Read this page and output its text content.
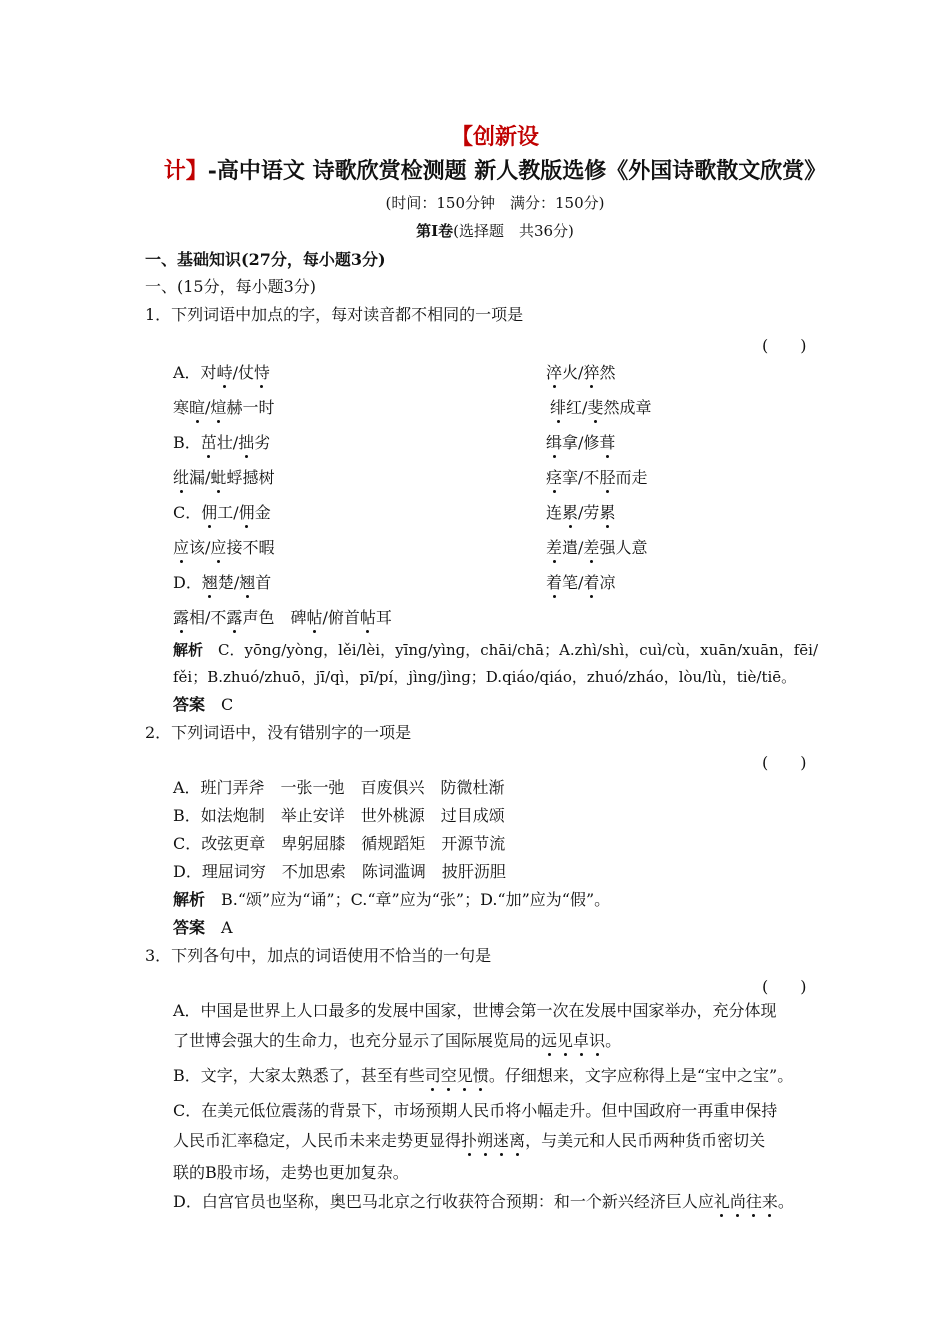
【创新设计】-高中语文 诗歌欣赏检测题 新人教版选修《外国诗歌散文欣赏》
(时间：150分钟　满分：150分)
第Ⅰ卷(选择题　共36分)
一、基础知识(27分，每小题3分)
一、(15分，每小题3分)
1．下列词语中加点的字，每对读音都不相同的一项是
(　　)
A．对峙/仗恃	淬火/猝然
寒暄/煊赫一时	绯红/斐然成章
B．茁壮/拙劣	缉拿/修葺
纰漏/蚍蜉撼树	痉挛/不胫而走
C．佣工/佣金	连累/劳累
应该/应接不暇	差遣/差强人意
D．翘楚/翘首	着笔/着凉
露相/不露声色　碑帖/俯首帖耳
解析　 C．yōnɡ/yònɡ，lěi/lèi，yīnɡ/yìnɡ，chāi/chā；A.zhì/shì，cuì/cù，xuān/xuān，fēi/
fěi；B.zhuó/zhuō，jī/qì，pī/pí，jìnɡ/jìnɡ；D.qiáo/qiáo，zhuó/zháo，lòu/lù，tiè/tiē。
答案　 C
2．下列词语中，没有错别字的一项是
(　　)
A．班门弄斧　一张一弛　百废俱兴　防微杜渐
B．如法炮制　举止安详　世外桃源　过目成颂
C．改弦更章　卑躬屈膝　循规蹈矩　开源节流
D．理屈词穷　不加思索　陈词滥调　披肝沥胆
解析　 B.“颂”应为“诵”；C.“章”应为“张”；D.“加”应为“假”。
答案　 A
3．下列各句中，加点的词语使用不恰当的一句是
(　　)
A．中国是世界上人口最多的发展中国家，世博会第一次在发展中国家举办，充分体现
了世博会强大的生命力，也充分显示了国际展览局的远见卓识。
B．文字，大家太熟悉了，甚至有些司空见惯。仔细想来，文字应称得上是“宝中之宝”。
C．在美元低位震荡的背景下，市场预期人民币将小幅走升。但中国政府一再重申保持
人民币汇率稳定，人民币未来走势更显得扑朔迷离，与美元和人民币两种货币密切关
联的B股市场，走势也更加复杂。
D．白宫官员也坚称，奥巴马北京之行收获符合预期：和一个新兴经济巨人应礼尚往来。
